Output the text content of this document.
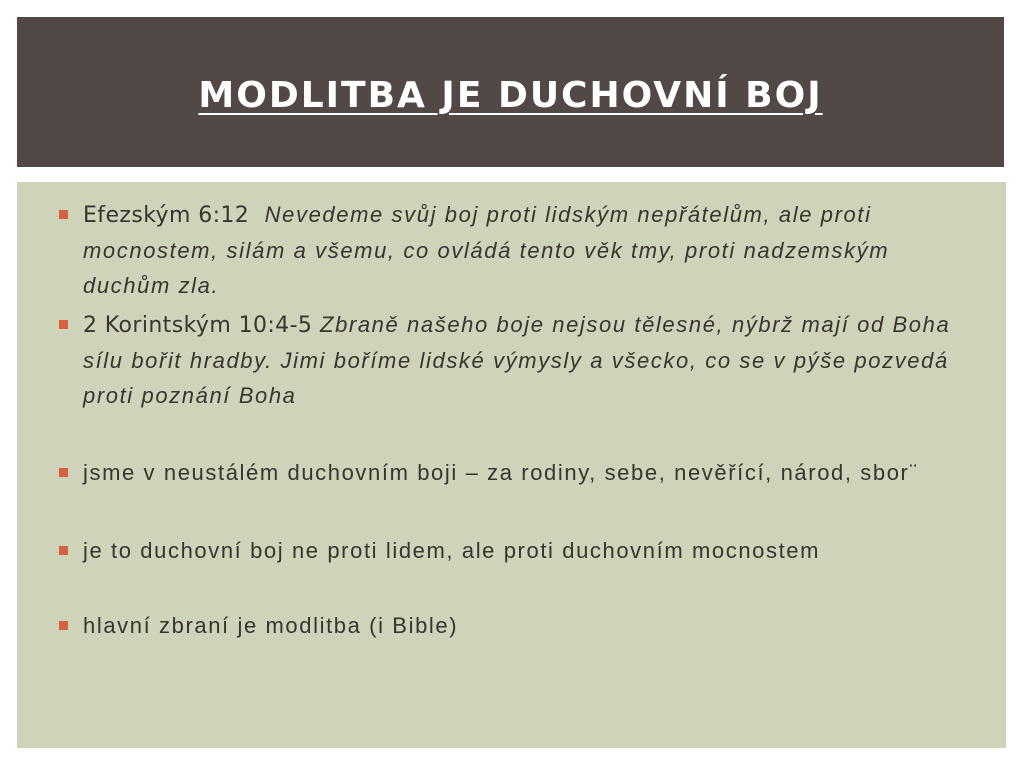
MODLITBA JE DUCHOVNÍ BOJ
Efezským 6:12 Nevedeme svůj boj proti lidským nepřátelům, ale proti mocnostem, silám a všemu, co ovládá tento věk tmy, proti nadzemským duchům zla.
2 Korintským 10:4-5 Zbraně našeho boje nejsou tělesné, nýbrž mají od Boha sílu bořit hradby. Jimi boříme lidské výmysly a všecko, co se v pýše pozvedá proti poznání Boha
jsme v neustálém duchovním boji – za rodiny, sebe, nevěřící, národ, sbor¨
je to duchovní boj ne proti lidem, ale proti duchovním mocnostem
hlavní zbraní je modlitba (i Bible)
